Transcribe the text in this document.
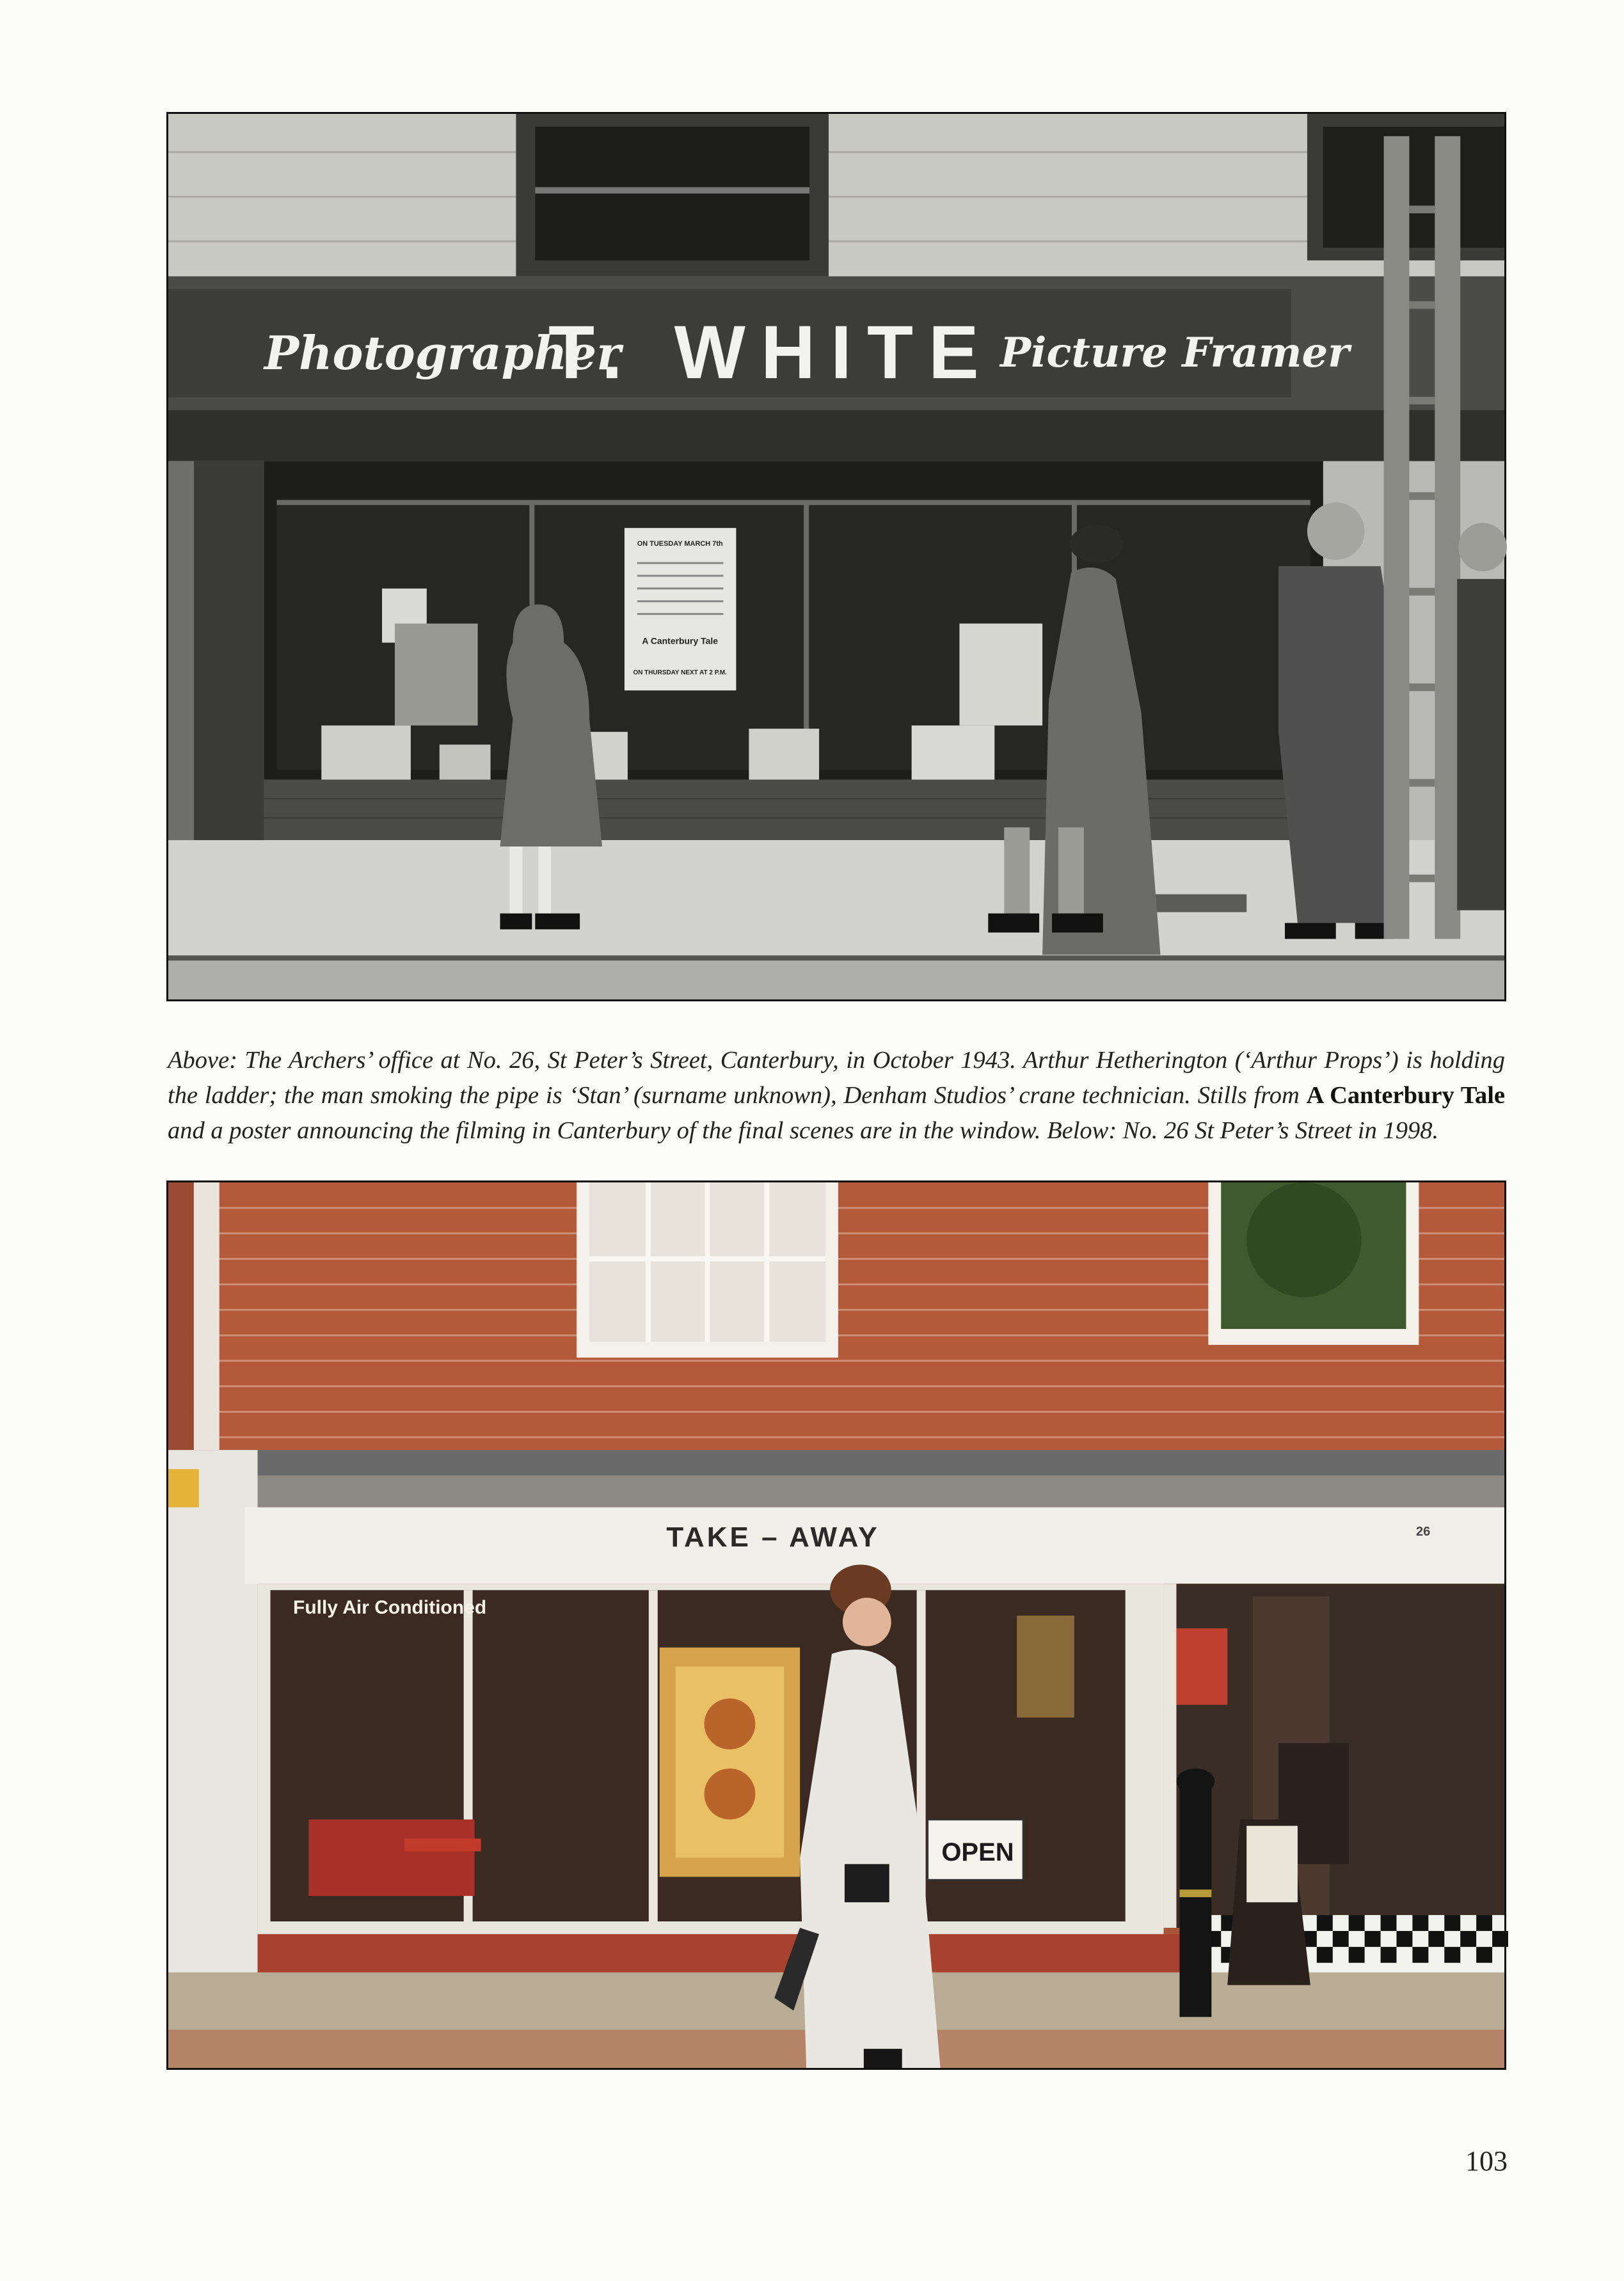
ON TUESDAY MARCH 7th
A Canterbury Tale
ON THURSDAY NEXT AT 2 P.M.
Photographer
T. WHITE Picture Framer
Above: The Archers’ office at No. 26, St Peter’s Street, Canterbury, in October 1943. Arthur Hetherington (‘Arthur Props’) is holding the ladder; the man smoking the pipe is ‘Stan’ (surname unknown), Denham Studios’ crane technician. Stills from A Canterbury Tale and a poster announcing the filming in Canterbury of the final scenes are in the window. Below: No. 26 St Peter’s Street in 1998.
TAKE – AWAY	26
Fully Air Conditioned
OPEN
103
